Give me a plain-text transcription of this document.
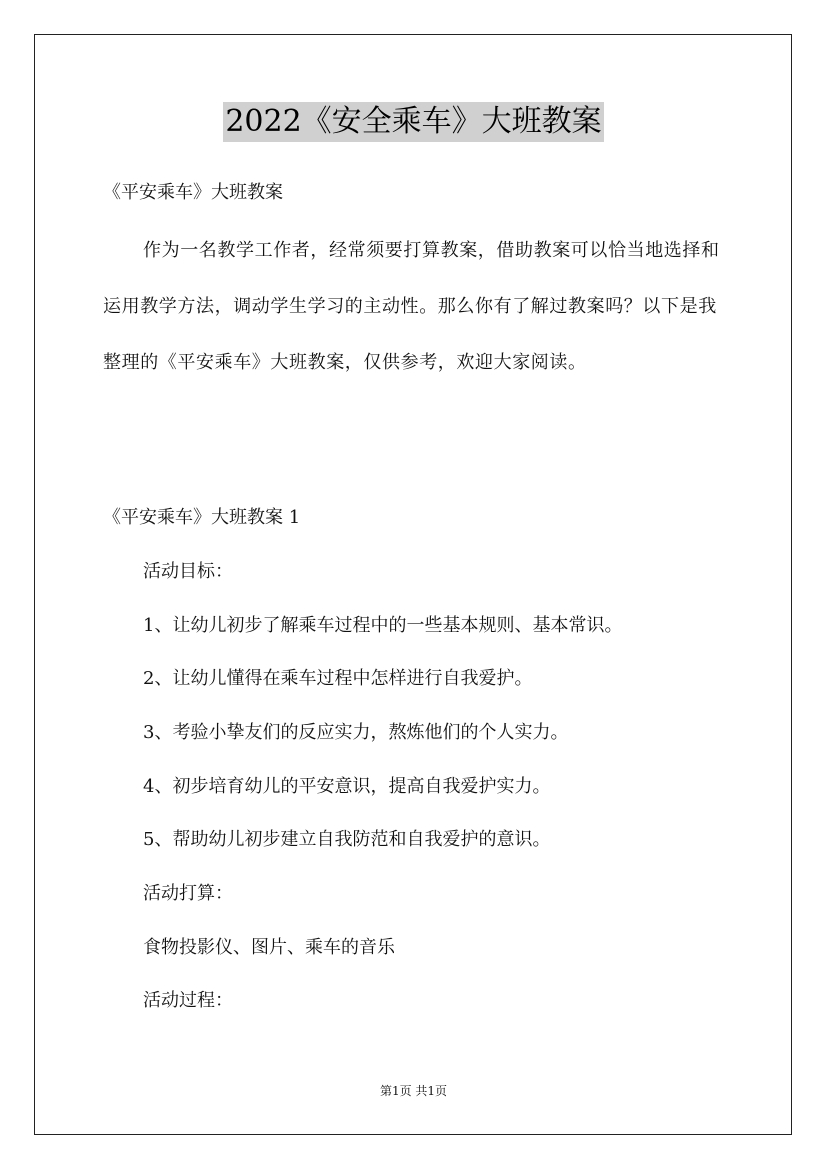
2022《安全乘车》大班教案
《平安乘车》大班教案

作为一名教学工作者，经常须要打算教案，借助教案可以恰当地选择和运用教学方法，调动学生学习的主动性。那么你有了解过教案吗？以下是我整理的《平安乘车》大班教案，仅供参考，欢迎大家阅读。

《平安乘车》大班教案 1
活动目标：
1、让幼儿初步了解乘车过程中的一些基本规则、基本常识。
2、让幼儿懂得在乘车过程中怎样进行自我爱护。
3、考验小挚友们的反应实力，熬炼他们的个人实力。
4、初步培育幼儿的平安意识，提高自我爱护实力。
5、帮助幼儿初步建立自我防范和自我爱护的意识。
活动打算：
食物投影仪、图片、乘车的音乐
活动过程：
第1页 共1页
